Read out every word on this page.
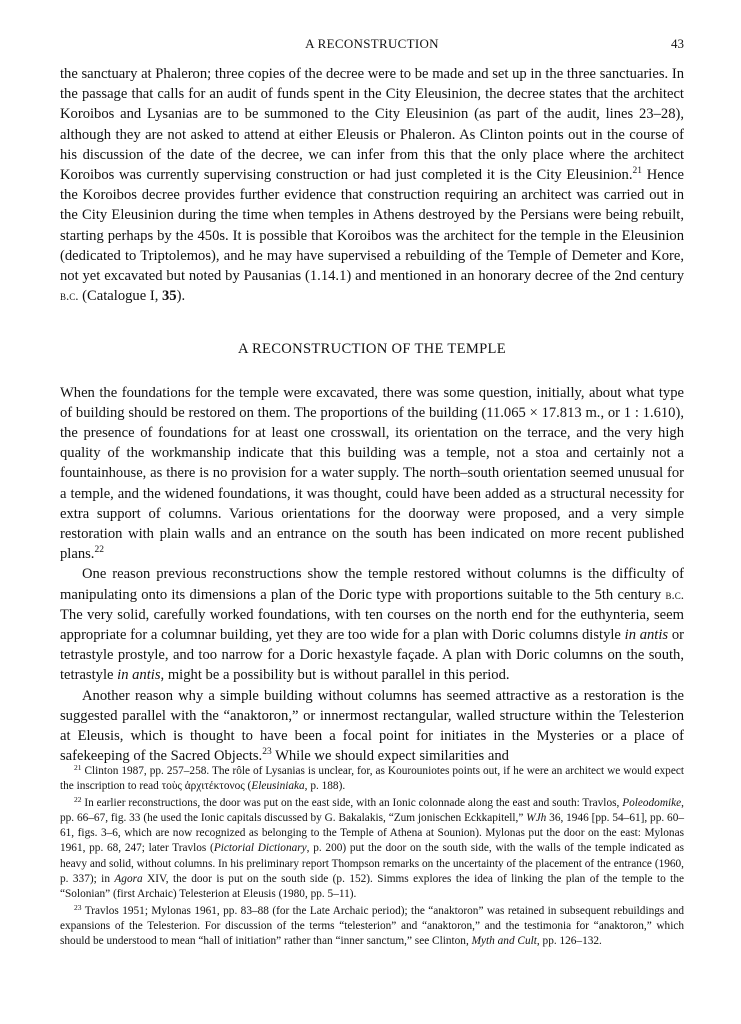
A RECONSTRUCTION	43

the sanctuary at Phaleron; three copies of the decree were to be made and set up in the three sanctuaries. In the passage that calls for an audit of funds spent in the City Eleusinion, the decree states that the architect Koroibos and Lysanias are to be summoned to the City Eleusinion (as part of the audit, lines 23–28), although they are not asked to attend at either Eleusis or Phaleron. As Clinton points out in the course of his discussion of the date of the decree, we can infer from this that the only place where the architect Koroibos was currently supervising construction or had just completed it is the City Eleusinion.$^{21}$ Hence the Koroibos decree provides further evidence that construction requiring an architect was carried out in the City Eleusinion during the time when temples in Athens destroyed by the Persians were being rebuilt, starting perhaps by the 450s. It is possible that Koroibos was the architect for the temple in the Eleusinion (dedicated to Triptolemos), and he may have supervised a rebuilding of the Temple of Demeter and Kore, not yet excavated but noted by Pausanias (1.14.1) and mentioned in an honorary decree of the 2nd century b.c. (Catalogue I, 35).

A RECONSTRUCTION OF THE TEMPLE

When the foundations for the temple were excavated, there was some question, initially, about what type of building should be restored on them. The proportions of the building (11.065 × 17.813 m., or 1 : 1.610), the presence of foundations for at least one crosswall, its orientation on the terrace, and the very high quality of the workmanship indicate that this building was a temple, not a stoa and certainly not a fountainhouse, as there is no provision for a water supply. The north–south orientation seemed unusual for a temple, and the widened foundations, it was thought, could have been added as a structural necessity for extra support of columns. Various orientations for the doorway were proposed, and a very simple restoration with plain walls and an entrance on the south has been indicated on more recent published plans.$^{22}$

One reason previous reconstructions show the temple restored without columns is the difficulty of manipulating onto its dimensions a plan of the Doric type with proportions suitable to the 5th century b.c. The very solid, carefully worked foundations, with ten courses on the north end for the euthynteria, seem appropriate for a columnar building, yet they are too wide for a plan with Doric columns distyle in antis or tetrastyle prostyle, and too narrow for a Doric hexastyle façade. A plan with Doric columns on the south, tetrastyle in antis, might be a possibility but is without parallel in this period.

Another reason why a simple building without columns has seemed attractive as a restoration is the suggested parallel with the “anaktoron,” or innermost rectangular, walled structure within the Telesterion at Eleusis, which is thought to have been a focal point for initiates in the Mysteries or a place of safekeeping of the Sacred Objects.$^{23}$ While we should expect similarities and

$^{21}$ Clinton 1987, pp. 257–258. The rôle of Lysanias is unclear, for, as Kourouniotes points out, if he were an architect we would expect the inscription to read τοὺς ἀρχιτέκτονος (Eleusiniaka, p. 188).

$^{22}$ In earlier reconstructions, the door was put on the east side, with an Ionic colonnade along the east and south: Travlos, Poleodomike, pp. 66–67, fig. 33 (he used the Ionic capitals discussed by G. Bakalakis, “Zum jonischen Eckkapitell,” WJh 36, 1946 [pp. 54–61], pp. 60–61, figs. 3–6, which are now recognized as belonging to the Temple of Athena at Sounion). Mylonas put the door on the east: Mylonas 1961, pp. 68, 247; later Travlos (Pictorial Dictionary, p. 200) put the door on the south side, with the walls of the temple indicated as heavy and solid, without columns. In his preliminary report Thompson remarks on the uncertainty of the placement of the entrance (1960, p. 337); in Agora XIV, the door is put on the south side (p. 152). Simms explores the idea of linking the plan of the temple to the “Solonian” (first Archaic) Telesterion at Eleusis (1980, pp. 5–11).

$^{23}$ Travlos 1951; Mylonas 1961, pp. 83–88 (for the Late Archaic period); the “anaktoron” was retained in subsequent rebuildings and expansions of the Telesterion. For discussion of the terms “telesterion” and “anaktoron,” and the testimonia for “anaktoron,” which should be understood to mean “hall of initiation” rather than “inner sanctum,” see Clinton, Myth and Cult, pp. 126–132.
